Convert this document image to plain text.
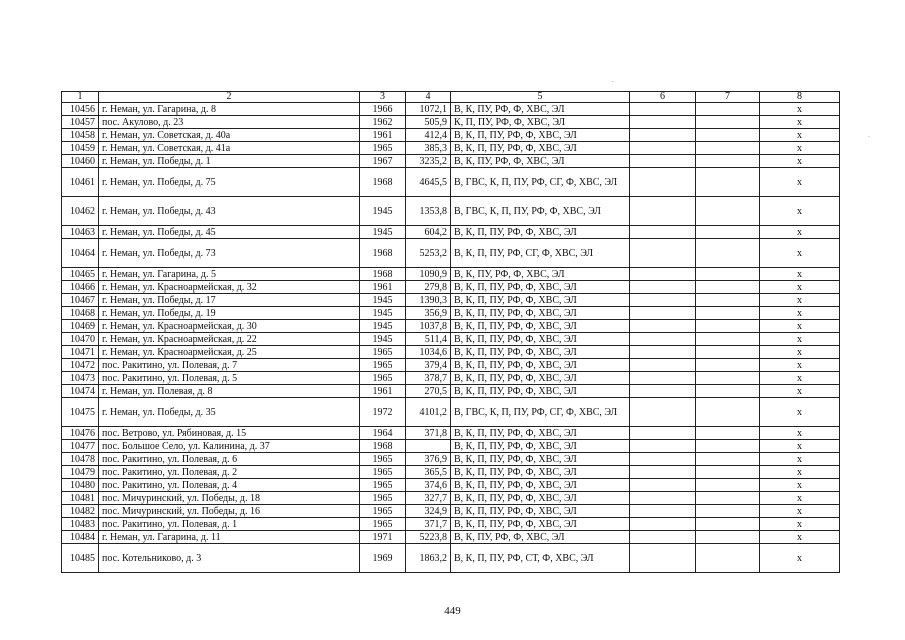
1	2	3	4	5	6	7	8
10456	г. Неман, ул. Гагарина, д. 8	1966	1072,1	В, К, ПУ, РФ, Ф, ХВС, ЭЛ			x
10457	пос. Акулово, д. 23	1962	505,9	К, П, ПУ, РФ, Ф, ХВС, ЭЛ			x
10458	г. Неман, ул. Советская, д. 40а	1961	412,4	В, К, П, ПУ, РФ, Ф, ХВС, ЭЛ			x
10459	г. Неман, ул. Советская, д. 41а	1965	385,3	В, К, П, ПУ, РФ, Ф, ХВС, ЭЛ			x
10460	г. Неман, ул. Победы, д. 1	1967	3235,2	В, К, ПУ, РФ, Ф, ХВС, ЭЛ			x
10461	г. Неман, ул. Победы, д. 75	1968	4645,5	В, ГВС, К, П, ПУ, РФ, СГ, Ф, ХВС, ЭЛ			x
10462	г. Неман, ул. Победы, д. 43	1945	1353,8	В, ГВС, К, П, ПУ, РФ, Ф, ХВС, ЭЛ			x
10463	г. Неман, ул. Победы, д. 45	1945	604,2	В, К, П, ПУ, РФ, Ф, ХВС, ЭЛ			x
10464	г. Неман, ул. Победы, д. 73	1968	5253,2	В, К, П, ПУ, РФ, СГ, Ф, ХВС, ЭЛ			x
10465	г. Неман, ул. Гагарина, д. 5	1968	1090,9	В, К, ПУ, РФ, Ф, ХВС, ЭЛ			x
10466	г. Неман, ул. Красноармейская, д. 32	1961	279,8	В, К, П, ПУ, РФ, Ф, ХВС, ЭЛ			x
10467	г. Неман, ул. Победы, д. 17	1945	1390,3	В, К, П, ПУ, РФ, Ф, ХВС, ЭЛ			x
10468	г. Неман, ул. Победы, д. 19	1945	356,9	В, К, П, ПУ, РФ, Ф, ХВС, ЭЛ			x
10469	г. Неман, ул. Красноармейская, д. 30	1945	1037,8	В, К, П, ПУ, РФ, Ф, ХВС, ЭЛ			x
10470	г. Неман, ул. Красноармейская, д. 22	1945	511,4	В, К, П, ПУ, РФ, Ф, ХВС, ЭЛ			x
10471	г. Неман, ул. Красноармейская, д. 25	1965	1034,6	В, К, П, ПУ, РФ, Ф, ХВС, ЭЛ			x
10472	пос. Ракитино, ул. Полевая, д. 7	1965	379,4	В, К, П, ПУ, РФ, Ф, ХВС, ЭЛ			x
10473	пос. Ракитино, ул. Полевая, д. 5	1965	378,7	В, К, П, ПУ, РФ, Ф, ХВС, ЭЛ			x
10474	г. Неман, ул. Полевая, д. 8	1961	270,5	В, К, П, ПУ, РФ, Ф, ХВС, ЭЛ			x
10475	г. Неман, ул. Победы, д. 35	1972	4101,2	В, ГВС, К, П, ПУ, РФ, СГ, Ф, ХВС, ЭЛ			x
10476	пос. Ветрово, ул. Рябиновая, д. 15	1964	371,8	В, К, П, ПУ, РФ, Ф, ХВС, ЭЛ			x
10477	пос. Большое Село, ул. Калинина, д. 37	1968		В, К, П, ПУ, РФ, Ф, ХВС, ЭЛ			x
10478	пос. Ракитино, ул. Полевая, д. 6	1965	376,9	В, К, П, ПУ, РФ, Ф, ХВС, ЭЛ			x
10479	пос. Ракитино, ул. Полевая, д. 2	1965	365,5	В, К, П, ПУ, РФ, Ф, ХВС, ЭЛ			x
10480	пос. Ракитино, ул. Полевая, д. 4	1965	374,6	В, К, П, ПУ, РФ, Ф, ХВС, ЭЛ			x
10481	пос. Мичуринский, ул. Победы, д. 18	1965	327,7	В, К, П, ПУ, РФ, Ф, ХВС, ЭЛ			x
10482	пос. Мичуринский, ул. Победы, д. 16	1965	324,9	В, К, П, ПУ, РФ, Ф, ХВС, ЭЛ			x
10483	пос. Ракитино, ул. Полевая, д. 1	1965	371,7	В, К, П, ПУ, РФ, Ф, ХВС, ЭЛ			x
10484	г. Неман, ул. Гагарина, д. 11	1971	5223,8	В, К, ПУ, РФ, Ф, ХВС, ЭЛ			x
10485	пос. Котельниково, д. 3	1969	1863,2	В, К, П, ПУ, РФ, СТ, Ф, ХВС, ЭЛ			x
449
.
.
